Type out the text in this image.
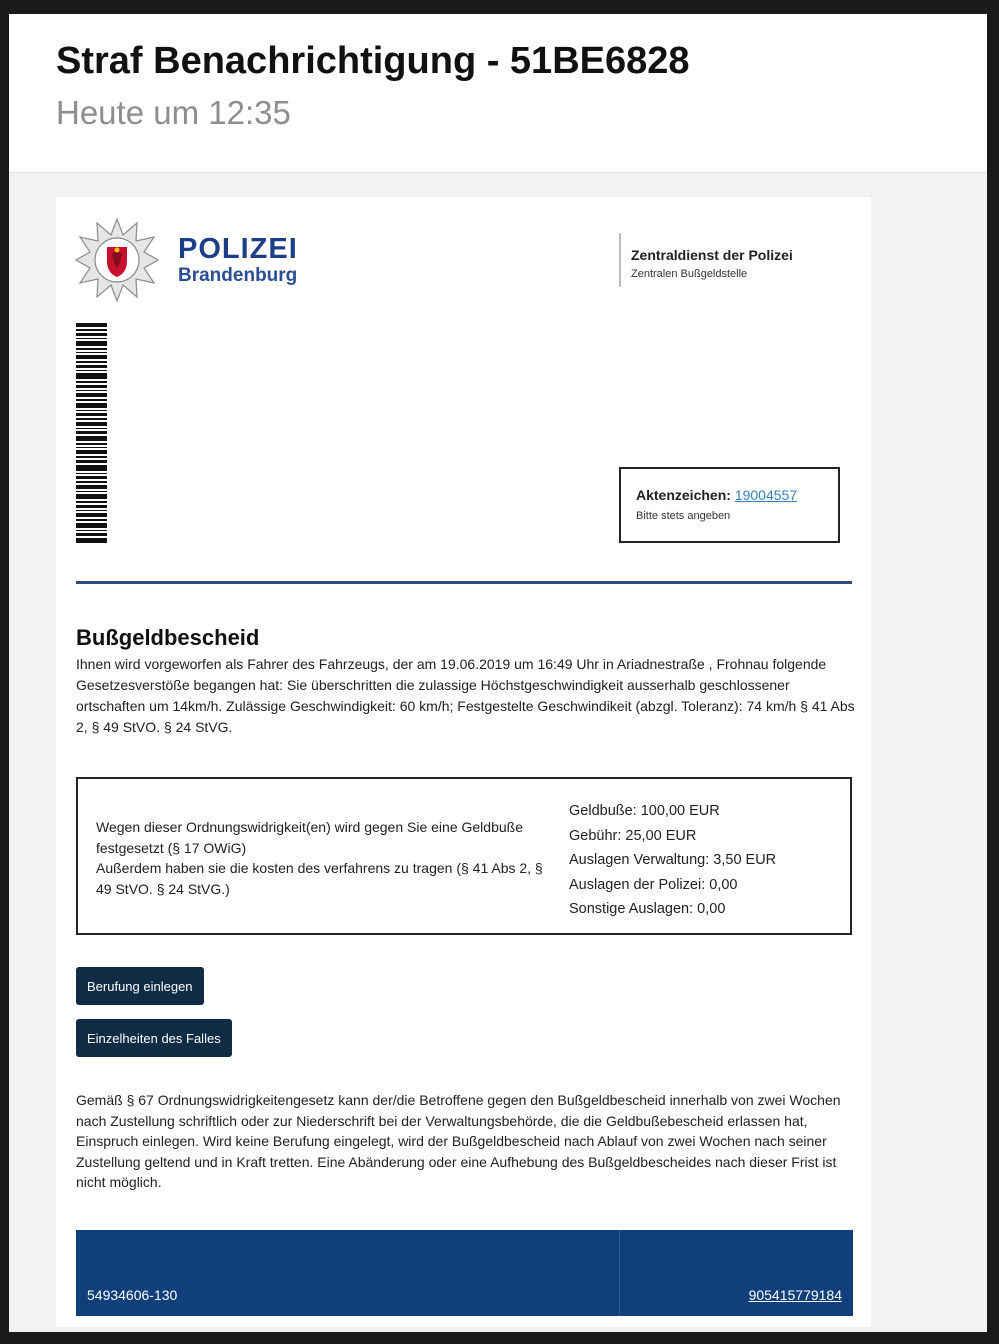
Straf Benachrichtigung - 51BE6828
Heute um 12:35
POLIZEI
Brandenburg
Zentraldienst der Polizei
Zentralen Bußgeldstelle
Aktenzeichen: 19004557
Bitte stets angeben
Bußgeldbescheid

Ihnen wird vorgeworfen als Fahrer des Fahrzeugs, der am 19.06.2019 um 16:49 Uhr in Ariadnestraße , Frohnau folgende Gesetzesverstöße begangen hat: Sie überschritten die zulassige Höchstgeschwindigkeit ausserhalb geschlossener ortschaften um 14km/h. Zulässige Geschwindigkeit: 60 km/h; Festgestelte Geschwindikeit (abzgl. Toleranz): 74 km/h § 41 Abs 2, § 49 StVO. § 24 StVG.

Wegen dieser Ordnungswidrigkeit(en) wird gegen Sie eine Geldbuße festgesetzt (§ 17 OWiG)

Außerdem haben sie die kosten des verfahrens zu tragen (§ 41 Abs 2, § 49 StVO. § 24 StVG.)

Geldbuße: 100,00 EUR
Gebühr: 25,00 EUR
Auslagen Verwaltung: 3,50 EUR
Auslagen der Polizei: 0,00
Sonstige Auslagen: 0,00
Berufung einlegen
Einzelheiten des Falles

Gemäß § 67 Ordnungswidrigkeitengesetz kann der/die Betroffene gegen den Bußgeldbescheid innerhalb von zwei Wochen nach Zustellung schriftlich oder zur Niederschrift bei der Verwaltungsbehörde, die die Geldbußebescheid erlassen hat, Einspruch einlegen. Wird keine Berufung eingelegt, wird der Bußgeldbescheid nach Ablauf von zwei Wochen nach seiner Zustellung geltend und in Kraft tretten. Eine Abänderung oder eine Aufhebung des Bußgeldbescheides nach dieser Frist ist nicht möglich.

54934606-130	905415779184
